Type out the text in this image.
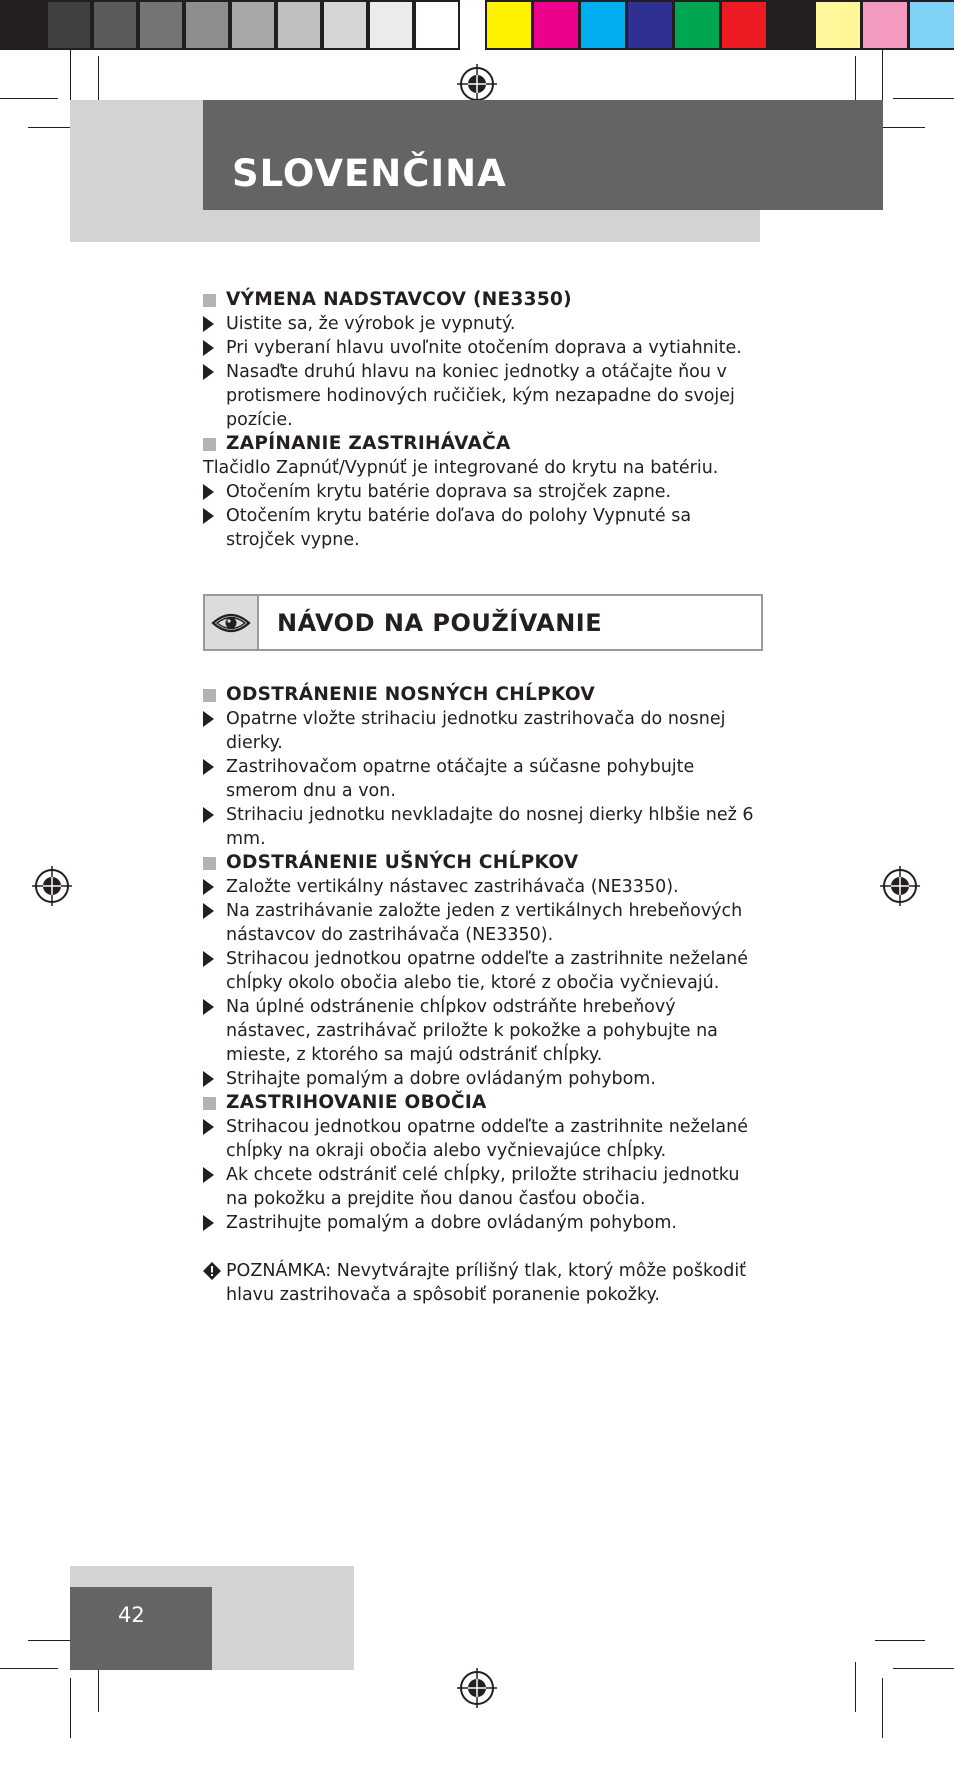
SLOVENČINA
VÝMENA NADSTAVCOV (NE3350)
Uistite sa, že výrobok je vypnutý.
Pri vyberaní hlavu uvoľnite otočením doprava a vytiahnite.
Nasaďte druhú hlavu na koniec jednotky a otáčajte ňou v protismere hodinových ručičiek, kým nezapadne do svojej pozície.
ZAPÍNANIE ZASTRIHÁVAČA
Tlačidlo Zapnúť/Vypnúť je integrované do krytu na batériu.
Otočením krytu batérie doprava sa strojček zapne.
Otočením krytu batérie doľava do polohy Vypnuté sa strojček vypne.
NÁVOD NA POUŽÍVANIE
ODSTRÁNENIE NOSNÝCH CHĹPKOV
Opatrne vložte strihaciu jednotku zastrihovača do nosnej dierky.
Zastrihovačom opatrne otáčajte a súčasne pohybujte smerom dnu a von.
Strihaciu jednotku nevkladajte do nosnej dierky hlbšie než 6 mm.
ODSTRÁNENIE UŠNÝCH CHĹPKOV
Založte vertikálny nástavec zastrihávača (NE3350).
Na zastrihávanie založte jeden z vertikálnych hrebeňových nástavcov do zastrihávača (NE3350).
Strihacou jednotkou opatrne oddeľte a zastrihnite neželané chĺpky okolo obočia alebo tie, ktoré z obočia vyčnievajú.
Na úplné odstránenie chĺpkov odstráňte hrebeňový nástavec, zastrihávač priložte k pokožke a pohybujte na mieste, z ktorého sa majú odstrániť chĺpky.
Strihajte pomalým a dobre ovládaným pohybom.
ZASTRIHOVANIE OBOČIA
Strihacou jednotkou opatrne oddeľte a zastrihnite neželané chĺpky na okraji obočia alebo vyčnievajúce chĺpky.
Ak chcete odstrániť celé chĺpky, priložte strihaciu jednotku na pokožku a prejdite ňou danou časťou obočia.
Zastrihujte pomalým a dobre ovládaným pohybom.
POZNÁMKA: Nevytvárajte prílišný tlak, ktorý môže poškodiť hlavu zastrihovača a spôsobiť poranenie pokožky.
42
